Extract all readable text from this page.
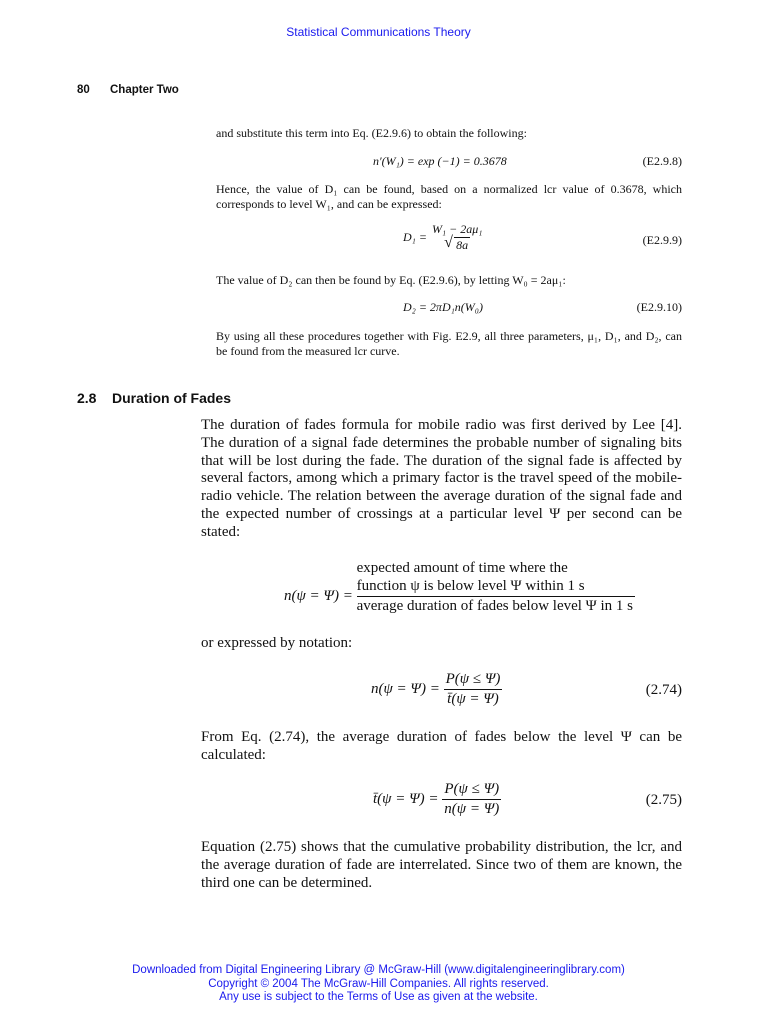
Statistical Communications Theory
80 Chapter Two
and substitute this term into Eq. (E2.9.6) to obtain the following:
n′(W₁) = exp (−1) = 0.3678	(E2.9.8)
Hence, the value of D₁ can be found, based on a normalized lcr value of 0.3678, which corresponds to level W₁, and can be expressed:
D₁ =
W₁ − 2aμ₁
√ 8a	(E2.9.9)
The value of D₂ can then be found by Eq. (E2.9.6), by letting W₀ = 2aμ₁:
D₂ = 2πD₁n(W₀)	(E2.9.10)
By using all these procedures together with Fig. E2.9, all three parameters, μ₁, D₁, and D₂, can be found from the measured lcr curve.
2.8 Duration of Fades
The duration of fades formula for mobile radio was first derived by Lee [4]. The duration of a signal fade determines the probable number of signaling bits that will be lost during the fade. The duration of the signal fade is affected by several factors, among which a primary factor is the travel speed of the mobile-radio vehicle. The relation between the average duration of the signal fade and the expected number of crossings at a particular level Ψ per second can be stated:
n(ψ = Ψ) =
expected amount of time where the
function ψ is below level Ψ within 1 s
average duration of fades below level Ψ in 1 s
or expressed by notation:
$n(\psi = \Psi) = \frac{P(\psi \le \Psi)}{t̄(\psi = \Psi)}$	(2.74)
From Eq. (2.74), the average duration of fades below the level Ψ can be calculated:
t̄(ψ = $\Psi) = \frac{P(\psi \le \Psi)}{n(\psi = \Psi)}$	(2.75)
Equation (2.75) shows that the cumulative probability distribution, the lcr, and the average duration of fade are interrelated. Since two of them are known, the third one can be determined.
Downloaded from Digital Engineering Library @ McGraw-Hill (www.digitalengineeringlibrary.com)
Copyright © 2004 The McGraw-Hill Companies. All rights reserved.
Any use is subject to the Terms of Use as given at the website.
